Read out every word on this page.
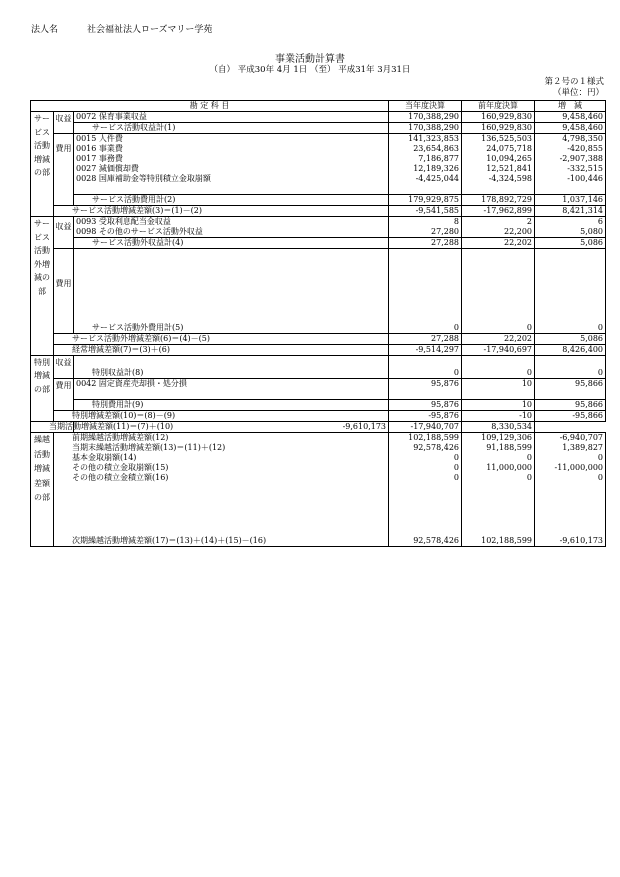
法人名	社会福祉法人ローズマリー学苑
事業活動計算書
（自） 平成30年 4月 1日 （至） 平成31年 3月31日
第２号の１様式
（単位：円）
勘 定 科 目			当年度決算	前年度決算	増　減
サービス活動増減の部	収益	0072 保育事業収益	170,388,290	160,929,830	9,458,460
		サービス活動収益計(1)	170,388,290	160,929,830	9,458,460
	費用	0015 人件費	141,323,853	136,525,503	4,798,350
		0016 事業費	23,654,863	24,075,718	-420,855
		0017 事務費	7,186,877	10,094,265	-2,907,388
		0027 減価償却費	12,189,326	12,521,841	-332,515
		0028 国庫補助金等特別積立金取崩額	-4,425,044	-4,324,598	-100,446

		サービス活動費用計(2)	179,929,875	178,892,729	1,037,146
	サービス活動増減差額(3)＝(1)－(2)		-9,541,585	-17,962,899	8,421,314
サービス活動外増減の部	収益	0093 受取利息配当金収益	8	2	6
		0098 その他のサービス活動外収益	27,280	22,200	5,080
		サービス活動外収益計(4)	27,288	22,202	5,086
	費用				
		サービス活動外費用計(5)	0	0	0
	サービス活動外増減差額(6)＝(4)－(5)		27,288	22,202	5,086
	経常増減差額(7)＝(3)＋(6)		-9,514,297	-17,940,697	8,426,400
特別増減の部	収益				
		特別収益計(8)	0	0	0
	費用	0042 固定資産売却損・処分損	95,876	10	95,866

		特別費用計(9)	95,876	10	95,866
	特別増減差額(10)＝(8)－(9)		-95,876	-10	-95,866
当期活動増減差額(11)＝(7)＋(10)		-9,610,173	-17,940,707	8,330,534	
繰越活動増減差額の部	前期繰越活動増減差額(12)		102,188,599	109,129,306	-6,940,707
	当期末繰越活動増減差額(13)＝(11)＋(12)		92,578,426	91,188,599	1,389,827
	基本金取崩額(14)		0	0	0
	その他の積立金取崩額(15)		0	11,000,000	-11,000,000
	その他の積立金積立額(16)		0	0	0

	次期繰越活動増減差額(17)＝(13)＋(14)＋(15)－(16)		92,578,426	102,188,599	-9,610,173
